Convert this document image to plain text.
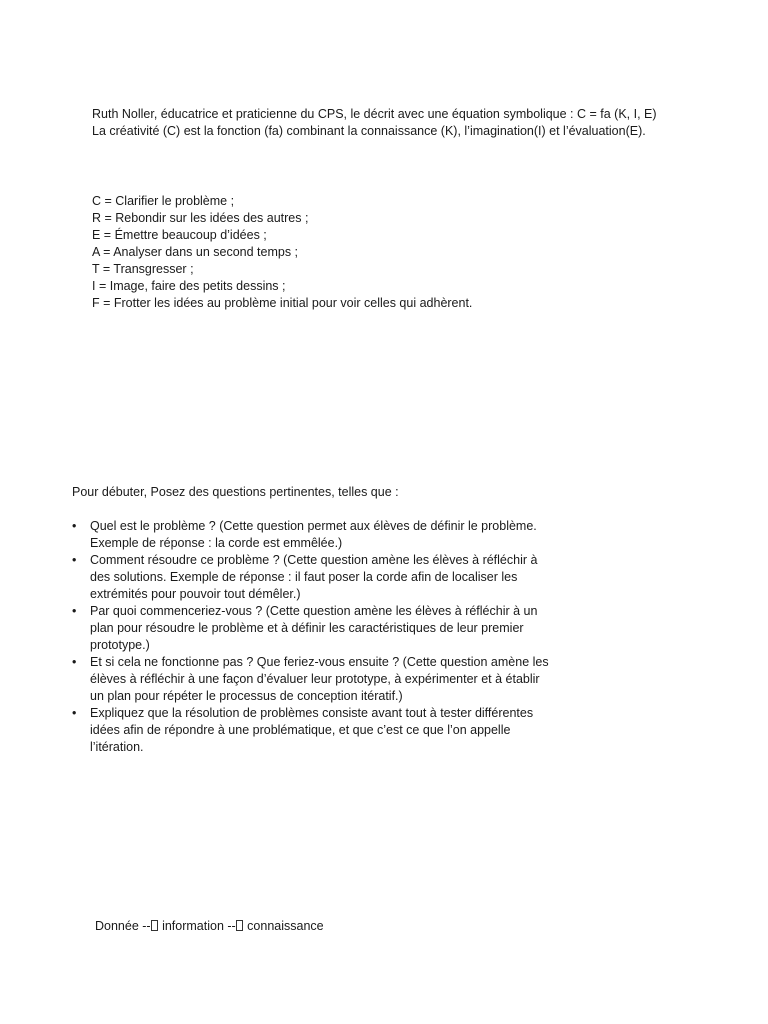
Ruth Noller, éducatrice et praticienne du CPS, le décrit avec une équation symbolique : C = fa (K, I, E)
La créativité (C) est la fonction (fa) combinant la connaissance (K), l’imagination(I) et l’évaluation(E).
C = Clarifier le problème ;
R = Rebondir sur les idées des autres ;
E = Émettre beaucoup d’idées ;
A = Analyser dans un second temps ;
T = Transgresser ;
I = Image, faire des petits dessins ;
F = Frotter les idées au problème initial pour voir celles qui adhèrent.

Pour débuter, Posez des questions pertinentes, telles que :

•	Quel est le problème ? (Cette question permet aux élèves de définir le problème.
Exemple de réponse : la corde est emmêlée.)
•	Comment résoudre ce problème ? (Cette question amène les élèves à réfléchir à
des solutions. Exemple de réponse : il faut poser la corde afin de localiser les
extrémités pour pouvoir tout démêler.)
•	Par quoi commenceriez-vous ? (Cette question amène les élèves à réfléchir à un
plan pour résoudre le problème et à définir les caractéristiques de leur premier
prototype.)
•	Et si cela ne fonctionne pas ? Que feriez-vous ensuite ? (Cette question amène les
élèves à réfléchir à une façon d’évaluer leur prototype, à expérimenter et à établir
un plan pour répéter le processus de conception itératif.)
•	Expliquez que la résolution de problèmes consiste avant tout à tester différentes
idées afin de répondre à une problématique, et que c’est ce que l’on appelle
l’itération.
Donnée -- information -- connaissance
